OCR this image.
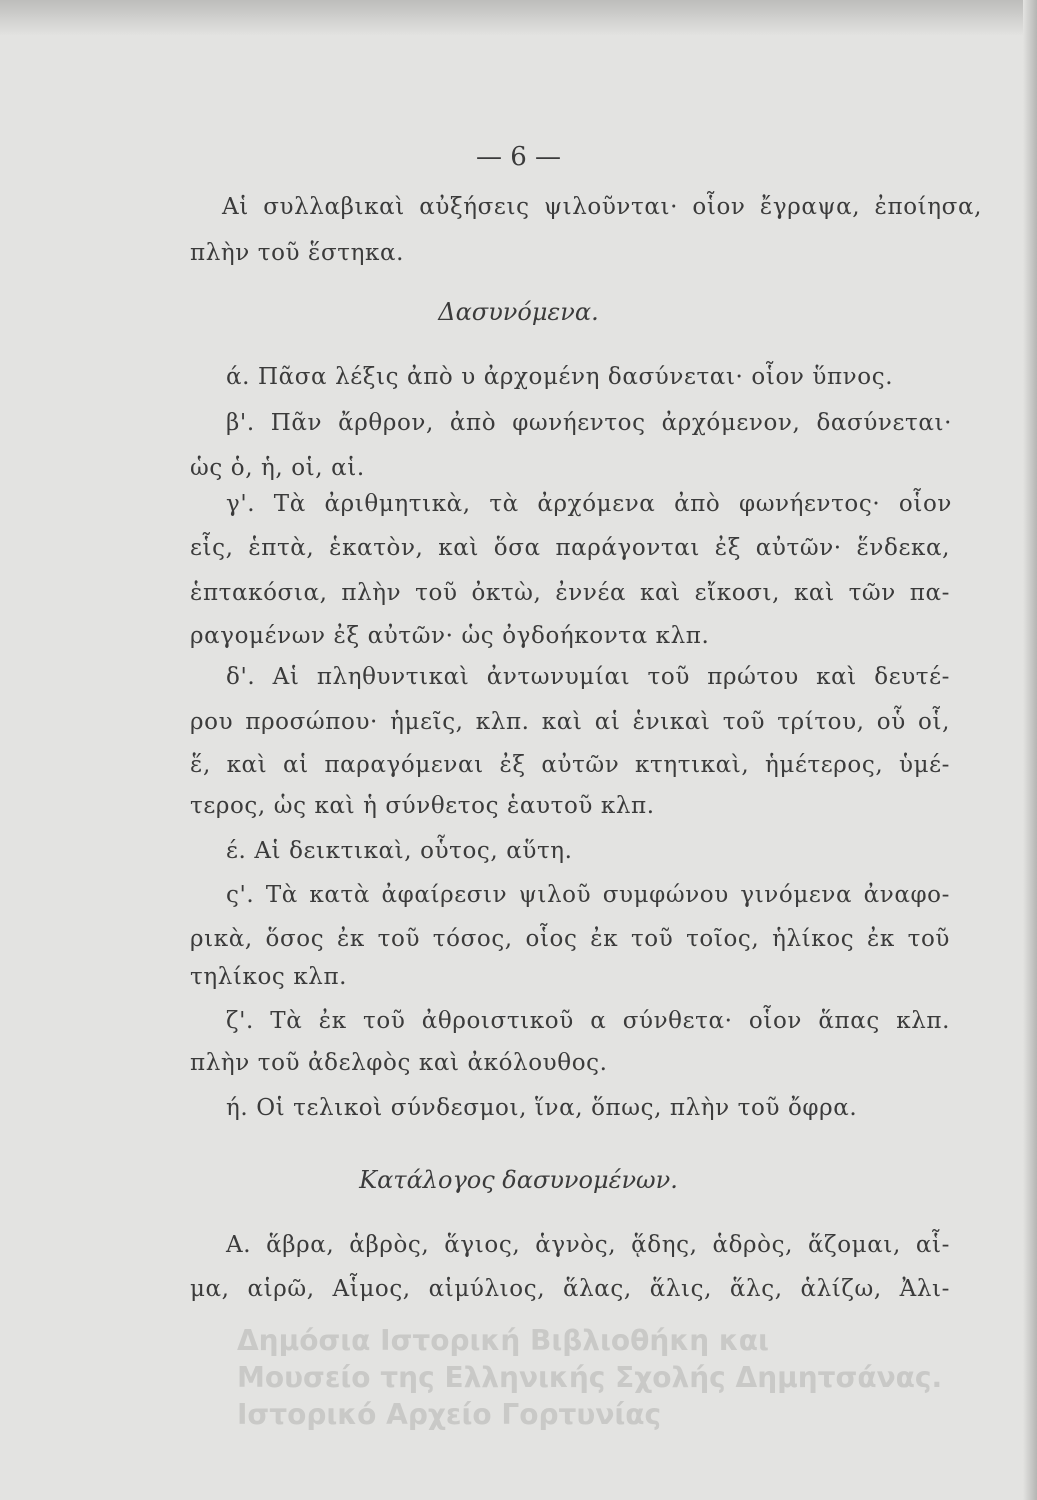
— 6 —
Αἱ συλλαβικαὶ αὐξήσεις ψιλοῦνται· οἷον ἔγραψα, ἐποίησα,
πλὴν τοῦ ἕστηκα.
Δασυνόμενα.
ά. Πᾶσα λέξις ἀπὸ υ ἀρχομένη δασύνεται· οἷον ὕπνος.
β'. Πᾶν ἄρθρον, ἀπὸ φωνήεντος ἀρχόμενον, δασύνεται·
ὡς ὁ, ἡ, οἱ, αἱ.
γ'. Τὰ ἀριθμητικὰ, τὰ ἀρχόμενα ἀπὸ φωνήεντος· οἷον
εἷς, ἑπτὰ, ἑκατὸν, καὶ ὅσα παράγονται ἐξ αὐτῶν· ἕνδεκα,
ἑπτακόσια, πλὴν τοῦ ὀκτὼ, ἐννέα καὶ εἴκοσι, καὶ τῶν πα-
ραγομένων ἐξ αὐτῶν· ὡς ὀγδοήκοντα κλπ.
δ'. Αἱ πληθυντικαὶ ἀντωνυμίαι τοῦ πρώτου καὶ δευτέ-
ρου προσώπου· ἡμεῖς, κλπ. καὶ αἱ ἑνικαὶ τοῦ τρίτου, οὗ οἷ,
ἕ, καὶ αἱ παραγόμεναι ἐξ αὐτῶν κτητικαὶ, ἡμέτερος, ὑμέ-
τερος, ὡς καὶ ἡ σύνθετος ἑαυτοῦ κλπ.
έ. Αἱ δεικτικαὶ, οὗτος, αὕτη.
ς'. Τὰ κατὰ ἀφαίρεσιν ψιλοῦ συμφώνου γινόμενα ἀναφο-
ρικὰ, ὅσος ἐκ τοῦ τόσος, οἷος ἐκ τοῦ τοῖος, ἡλίκος ἐκ τοῦ
τηλίκος κλπ.
ζ'. Τὰ ἐκ τοῦ ἀθροιστικοῦ α σύνθετα· οἷον ἅπας κλπ.
πλὴν τοῦ ἀδελφὸς καὶ ἀκόλουθος.
ή. Οἱ τελικοὶ σύνδεσμοι, ἵνα, ὅπως, πλὴν τοῦ ὄφρα.
Κατάλογος δασυνομένων.
Α. ἅβρα, ἁβρὸς, ἅγιος, ἁγνὸς, ᾅδης, ἁδρὸς, ἅζομαι, αἷ-
μα, αἱρῶ, Αἷμος, αἱμύλιος, ἅλας, ἅλις, ἅλς, ἁλίζω, Ἀλι-
Δημόσια Ιστορική Βιβλιοθήκη και
Μουσείο της Ελληνικής Σχολής Δημητσάνας.
Ιστορικό Αρχείο Γορτυνίας
